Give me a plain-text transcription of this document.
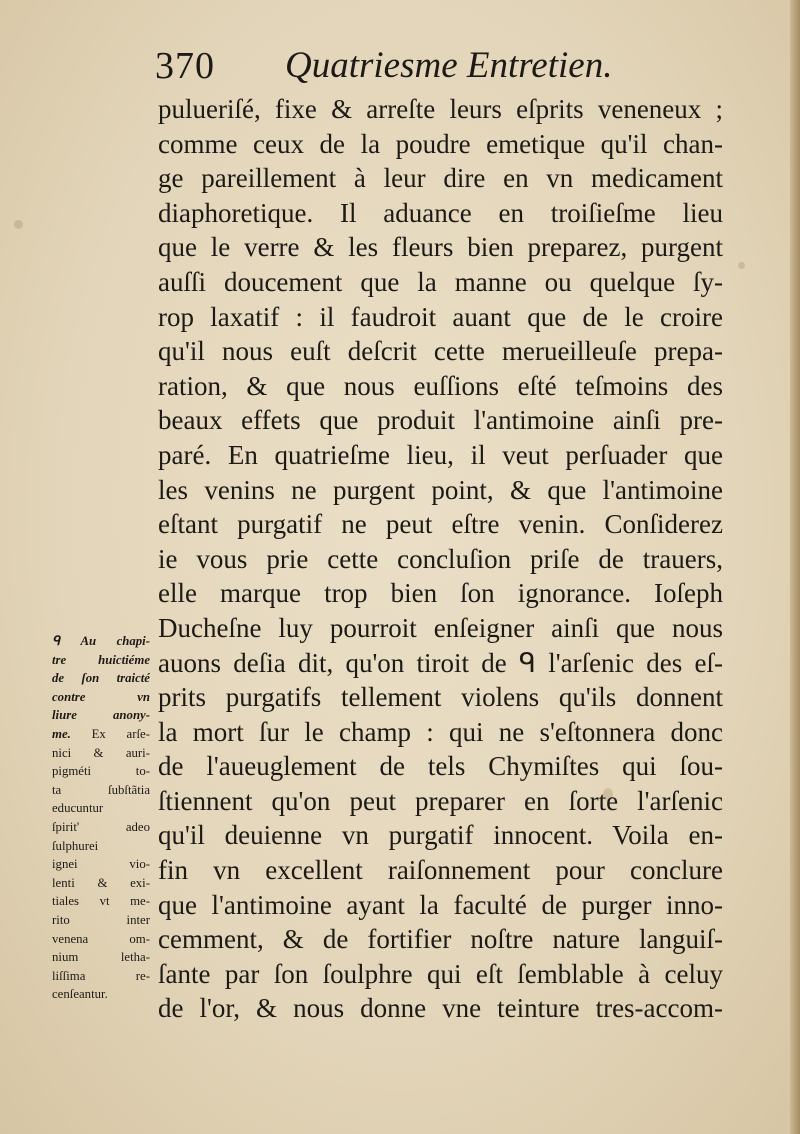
370 Quatriesme Entretien.
pulueriſé, fixe & arreſte leurs eſprits veneneux ;
comme ceux de la poudre emetique qu'il chan-
ge pareillement à leur dire en vn medicament
diaphoretique. Il aduance en troiſieſme lieu
que le verre & les fleurs bien preparez, purgent
auſſi doucement que la manne ou quelque ſy-
rop laxatif : il faudroit auant que de le croire
qu'il nous euſt deſcrit cette merueilleuſe prepa-
ration, & que nous euſſions eſté teſmoins des
beaux effets que produit l'antimoine ainſi pre-
paré. En quatrieſme lieu, il veut perſuader que
les venins ne purgent point, & que l'antimoine
eſtant purgatif ne peut eſtre venin. Conſiderez
ie vous prie cette concluſion priſe de trauers,
elle marque trop bien ſon ignorance. Ioſeph
Ducheſne luy pourroit enſeigner ainſi que nous
auons deſia dit, qu'on tiroit de ᑫ l'arſenic des eſ-
prits purgatifs tellement violens qu'ils donnent
la mort ſur le champ : qui ne s'eſtonnera donc
de l'aueuglement de tels Chymiſtes qui ſou-
ſtiennent qu'on peut preparer en ſorte l'arſenic
qu'il deuienne vn purgatif innocent. Voila en-
fin vn excellent raiſonnement pour conclure
que l'antimoine ayant la faculté de purger inno-
cemment, & de fortifier noſtre nature languiſ-
ſante par ſon ſoulphre qui eſt ſemblable à celuy
de l'or, & nous donne vne teinture tres-accom-
ᑫ Au chapi-
tre huictiéme
de ſon traicté
contre vn
liure anony-
me. Ex arſe-
nici & auri-
pigméti to-
ta ſubſtãtia
educuntur
ſpirit' adeo
ſulphurei
ignei vio-
lenti & exi-
tiales vt me-
rito inter
venena om-
nium letha-
liſſima re-
cenſeantur.
